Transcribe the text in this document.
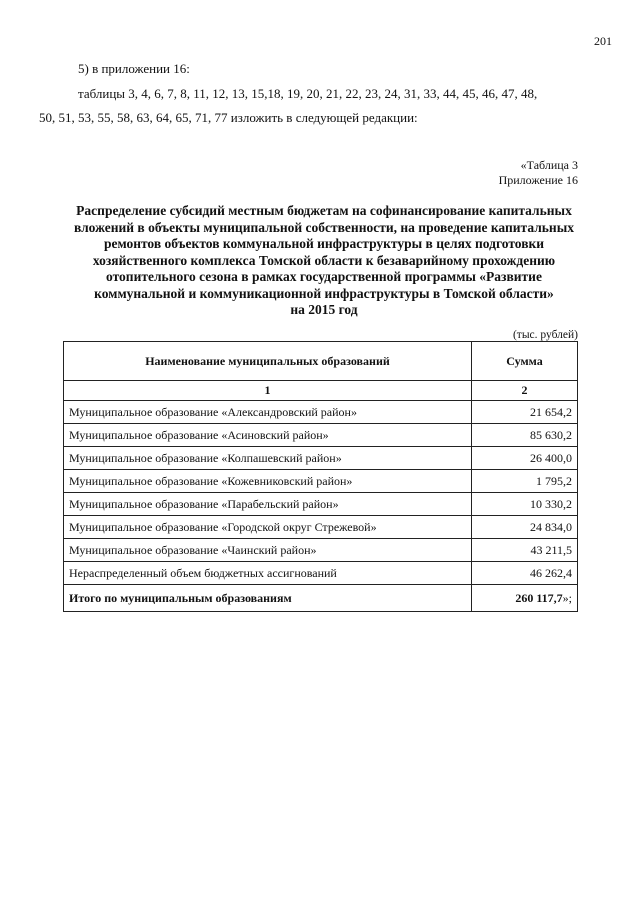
201
5) в приложении 16:
таблицы 3, 4, 6, 7, 8, 11, 12, 13, 15,18, 19, 20, 21, 22, 23, 24, 31, 33, 44, 45, 46, 47, 48,
50, 51, 53, 55, 58, 63, 64, 65, 71, 77 изложить в следующей редакции:
«Таблица 3
Приложение 16
Распределение субсидий местным бюджетам на софинансирование капитальных
вложений в объекты муниципальной собственности, на проведение капитальных
ремонтов объектов коммунальной инфраструктуры в целях подготовки
хозяйственного комплекса Томской области к безаварийному прохождению
отопительного сезона в рамках государственной программы «Развитие
коммунальной и коммуникационной инфраструктуры в Томской области»
на 2015 год
(тыс. рублей)
Наименование муниципальных образований	Сумма
1	2
Муниципальное образование «Александровский район»	21 654,2
Муниципальное образование «Асиновский район»	85 630,2
Муниципальное образование «Колпашевский район»	26 400,0
Муниципальное образование «Кожевниковский район»	1 795,2
Муниципальное образование «Парабельский район»	10 330,2
Муниципальное образование «Городской округ Стрежевой»	24 834,0
Муниципальное образование «Чаинский район»	43 211,5
Нераспределенный объем бюджетных ассигнований	46 262,4
Итого по муниципальным образованиям	260 117,7»;
